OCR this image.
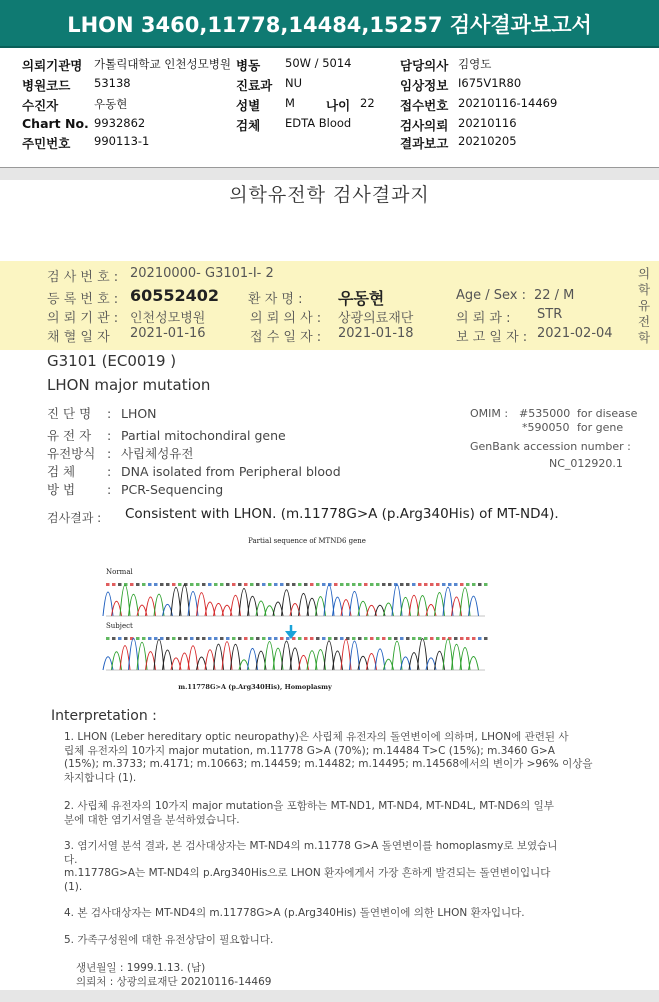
LHON 3460,11778,14484,15257 검사결과보고서
의뢰기관명 가톨릭대학교 인천성모병원 병동 50W / 5014	담당의사 김영도
병원코드 53138	진료과 NU	임상정보 I675V1R80
수진자	우동현	성별 M 나이 22 접수번호 20210116-14469
Chart No. 9932862	검체 EDTA Blood	검사의뢰 20210116
주민번호 990113-1	결과보고 20210205
의학유전학 검사결과지
검 사 번 호 : 20210000- G3101-I- 2
등 록 번 호 : 60552402 환 자 명 : 우동현	Age / Sex : 22 / M
의 뢰 기 관 : 인천성모병원	의 뢰 의 사 : 상광의료재단	의 뢰 과 : STR
채 혈 일 자 2021-01-16	접 수 일 자 : 2021-01-18	보 고 일 자 : 2021-02-04
의학유전학
G3101 (EC0019 )
LHON major mutation
진 단 명 : LHON
유 전 자 : Partial mitochondiral gene
유전방식 : 사립체성유전
검 체	: DNA isolated from Peripheral blood
방 법	: PCR-Sequencing
OMIM : #535000 for disease
*590050 for gene
GenBank accession number :
NC_012920.1
검사결과 : Consistent with LHON. (m.11778G>A (p.Arg340His) of MT-ND4).
Partial sequence of MTND6 gene
Normal
Subject
m.11778G>A (p.Arg340His), Homoplasmy
Interpretation :
1. LHON (Leber hereditary optic neuropathy)은 사립체 유전자의 돌연변이에 의하며, LHON에 관련된 사
립체 유전자의 10가지 major mutation, m.11778 G>A (70%); m.14484 T>C (15%); m.3460 G>A
(15%); m.3733; m.4171; m.10663; m.14459; m.14482; m.14495; m.14568에서의 변이가 >96% 이상을
차지합니다 (1).
2. 사립체 유전자의 10가지 major mutation을 포함하는 MT-ND1, MT-ND4, MT-ND4L, MT-ND6의 일부
분에 대한 염기서열을 분석하였습니다.
3. 염기서열 분석 결과, 본 검사대상자는 MT-ND4의 m.11778 G>A 돌연변이를 homoplasmy로 보였습니
다.
m.11778G>A는 MT-ND4의 p.Arg340His으로 LHON 환자에게서 가장 흔하게 발견되는 돌연변이입니다
(1).
4. 본 검사대상자는 MT-ND4의 m.11778G>A (p.Arg340His) 돌연변이에 의한 LHON 환자입니다.
5. 가족구성원에 대한 유전상담이 필요합니다.
생년월일 : 1999.1.13. (남)
의뢰처 : 상광의료재단 20210116-14469
